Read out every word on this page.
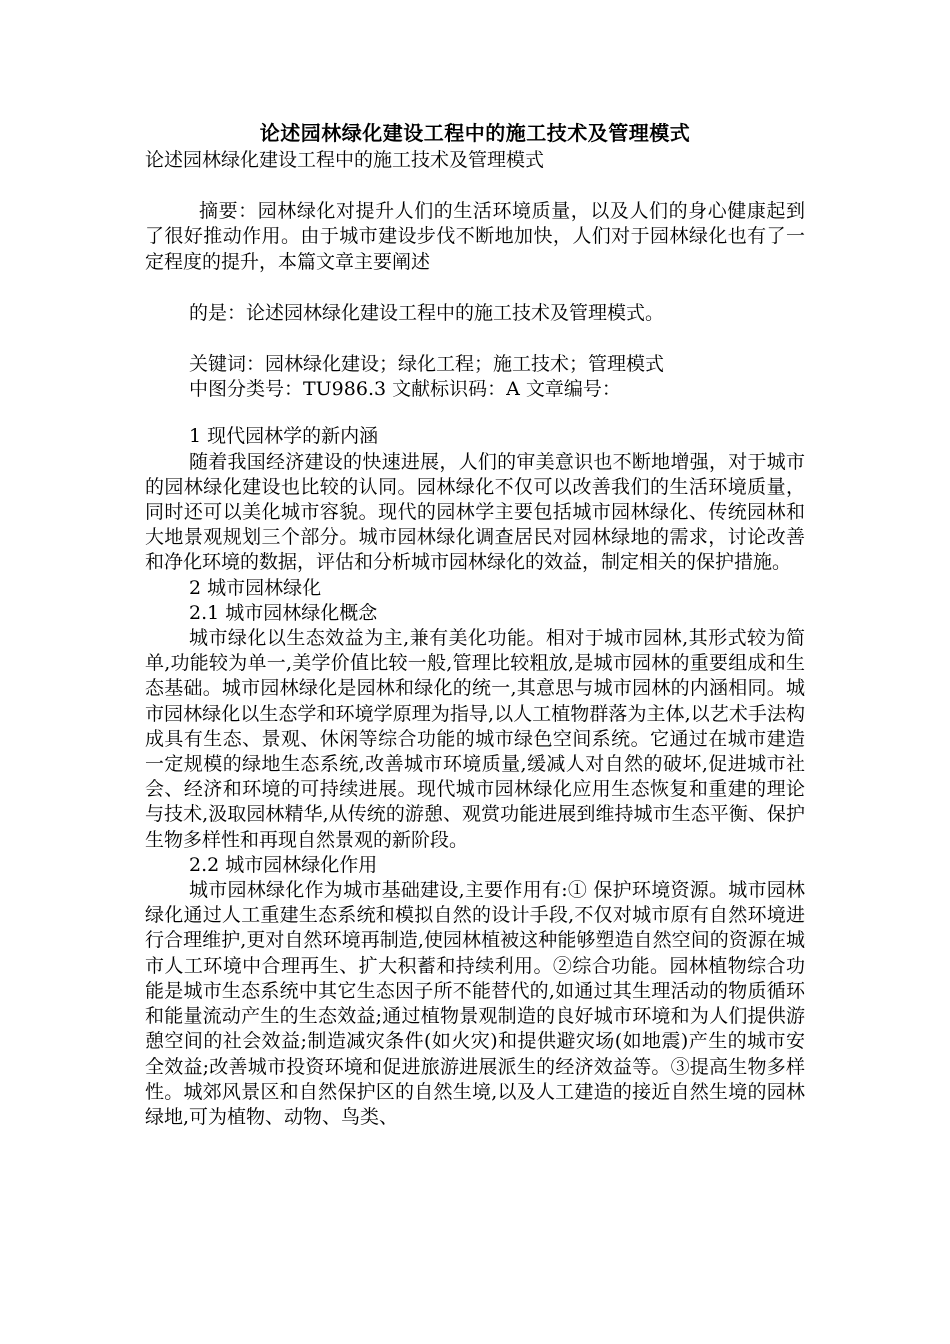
论述园林绿化建设工程中的施工技术及管理模式

论述园林绿化建设工程中的施工技术及管理模式

摘要：园林绿化对提升人们的生活环境质量，以及人们的身心健康起到了很好推动作用。由于城市建设步伐不断地加快，人们对于园林绿化也有了一定程度的提升，本篇文章主要阐述

的是：论述园林绿化建设工程中的施工技术及管理模式。

关键词：园林绿化建设；绿化工程；施工技术；管理模式

中图分类号：TU986.3 文献标识码：A 文章编号：

1 现代园林学的新内涵

随着我国经济建设的快速进展，人们的审美意识也不断地增强，对于城市的园林绿化建设也比较的认同。园林绿化不仅可以改善我们的生活环境质量，同时还可以美化城市容貌。现代的园林学主要包括城市园林绿化、传统园林和大地景观规划三个部分。城市园林绿化调查居民对园林绿地的需求，讨论改善和净化环境的数据，评估和分析城市园林绿化的效益，制定相关的保护措施。

2 城市园林绿化

2.1 城市园林绿化概念

城市绿化以生态效益为主,兼有美化功能。相对于城市园林,其形式较为简单,功能较为单一,美学价值比较一般,管理比较粗放,是城市园林的重要组成和生态基础。城市园林绿化是园林和绿化的统一,其意思与城市园林的内涵相同。城市园林绿化以生态学和环境学原理为指导,以人工植物群落为主体,以艺术手法构成具有生态、景观、休闲等综合功能的城市绿色空间系统。它通过在城市建造一定规模的绿地生态系统,改善城市环境质量,缓减人对自然的破坏,促进城市社会、经济和环境的可持续进展。现代城市园林绿化应用生态恢复和重建的理论与技术,汲取园林精华,从传统的游憩、观赏功能进展到维持城市生态平衡、保护生物多样性和再现自然景观的新阶段。

2.2 城市园林绿化作用

城市园林绿化作为城市基础建设,主要作用有:① 保护环境资源。城市园林绿化通过人工重建生态系统和模拟自然的设计手段,不仅对城市原有自然环境进行合理维护,更对自然环境再制造,使园林植被这种能够塑造自然空间的资源在城市人工环境中合理再生、扩大积蓄和持续利用。②综合功能。园林植物综合功能是城市生态系统中其它生态因子所不能替代的,如通过其生理活动的物质循环和能量流动产生的生态效益;通过植物景观制造的良好城市环境和为人们提供游憩空间的社会效益;制造减灾条件(如火灾)和提供避灾场(如地震)产生的城市安全效益;改善城市投资环境和促进旅游进展派生的经济效益等。③提高生物多样性。城郊风景区和自然保护区的自然生境,以及人工建造的接近自然生境的园林绿地,可为植物、动物、鸟类、
